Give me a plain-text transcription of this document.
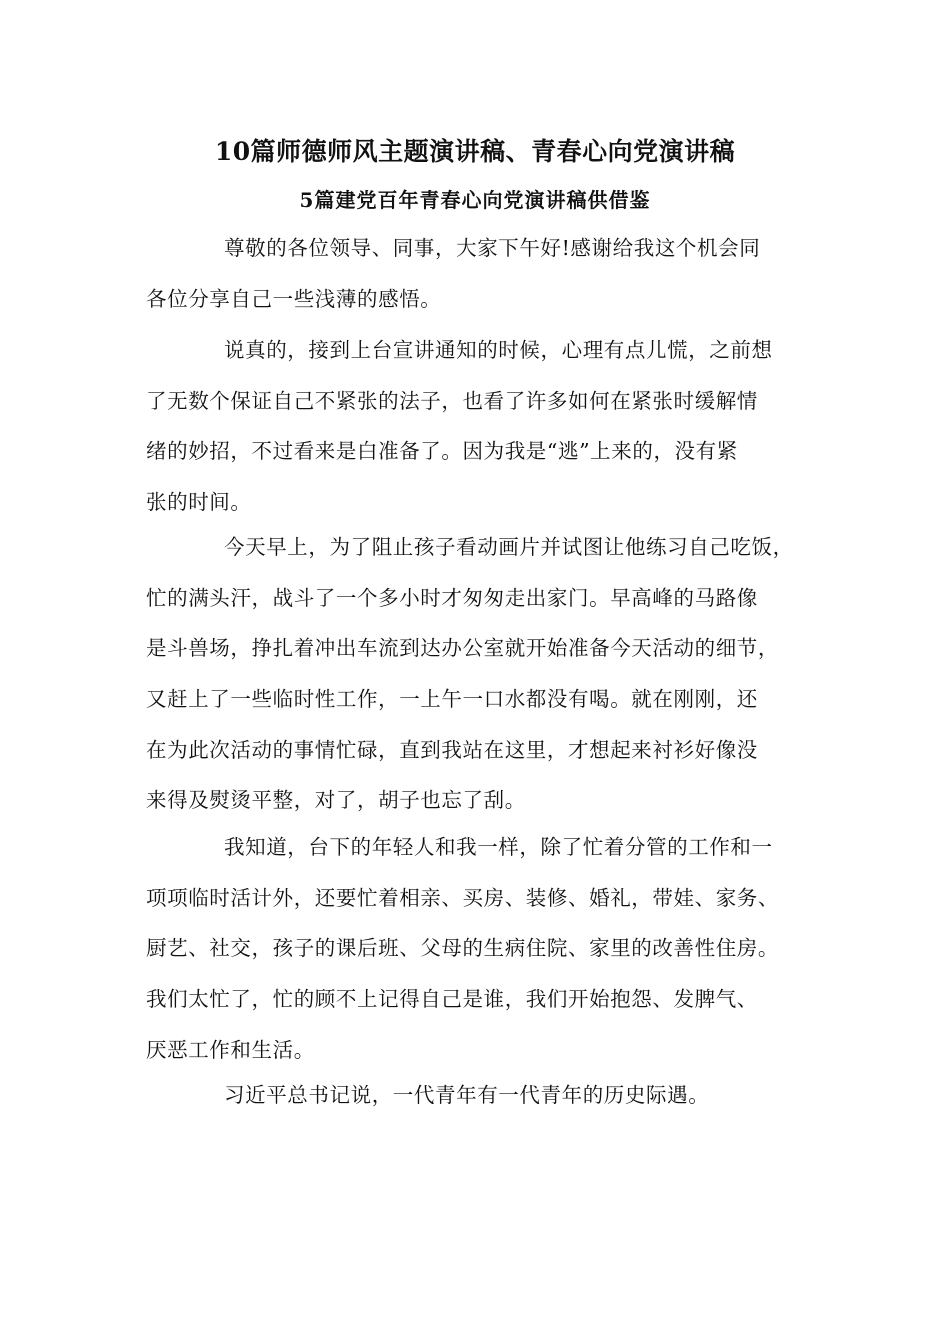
10篇师德师风主题演讲稿、青春心向党演讲稿
5篇建党百年青春心向党演讲稿供借鉴
尊敬的各位领导、同事，大家下午好!感谢给我这个机会同
各位分享自己一些浅薄的感悟。
说真的，接到上台宣讲通知的时候，心理有点儿慌，之前想
了无数个保证自己不紧张的法子，也看了许多如何在紧张时缓解情
绪的妙招，不过看来是白准备了。因为我是“逃”上来的，没有紧
张的时间。
今天早上，为了阻止孩子看动画片并试图让他练习自己吃饭，
忙的满头汗，战斗了一个多小时才匆匆走出家门。早高峰的马路像
是斗兽场，挣扎着冲出车流到达办公室就开始准备今天活动的细节，
又赶上了一些临时性工作，一上午一口水都没有喝。就在刚刚，还
在为此次活动的事情忙碌，直到我站在这里，才想起来衬衫好像没
来得及熨烫平整，对了，胡子也忘了刮。
我知道，台下的年轻人和我一样，除了忙着分管的工作和一
项项临时活计外，还要忙着相亲、买房、装修、婚礼，带娃、家务、
厨艺、社交，孩子的课后班、父母的生病住院、家里的改善性住房。
我们太忙了，忙的顾不上记得自己是谁，我们开始抱怨、发脾气、
厌恶工作和生活。
习近平总书记说，一代青年有一代青年的历史际遇。
